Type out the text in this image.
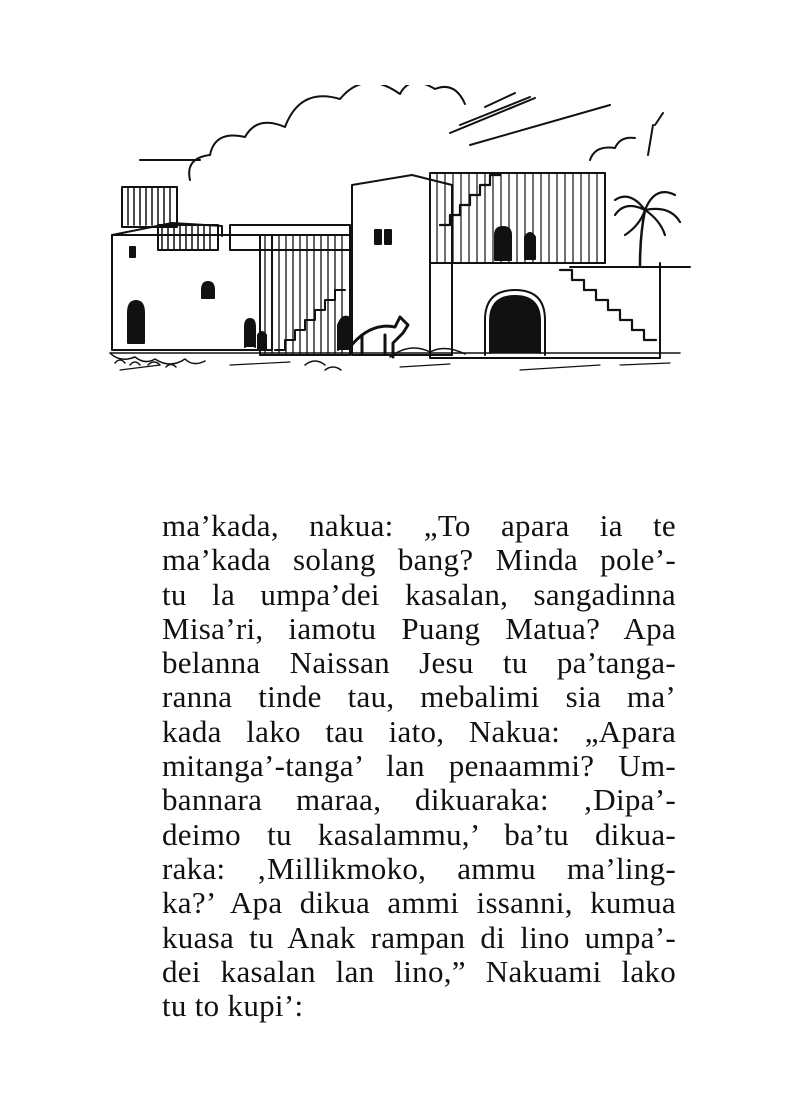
ma’kada, nakua: „To apara ia te
ma’kada solang bang? Minda pole’-
tu la umpa’dei kasalan, sangadinna
Misa’ri, iamotu Puang Matua? Apa
belanna Naissan Jesu tu pa’tanga-
ranna tinde tau, mebalimi sia ma’
kada lako tau iato, Nakua: „Apara
mitanga’-tanga’ lan penaammi? Um-
bannara maraa, dikuaraka: ‚Dipa’-
deimo tu kasalammu,’ ba’tu dikua-
raka: ‚Millikmoko, ammu ma’ling-
ka?’ Apa dikua ammi issanni, kumua
kuasa tu Anak rampan di lino umpa’-
dei kasalan lan lino,” Nakuami lako
tu to kupi’:
